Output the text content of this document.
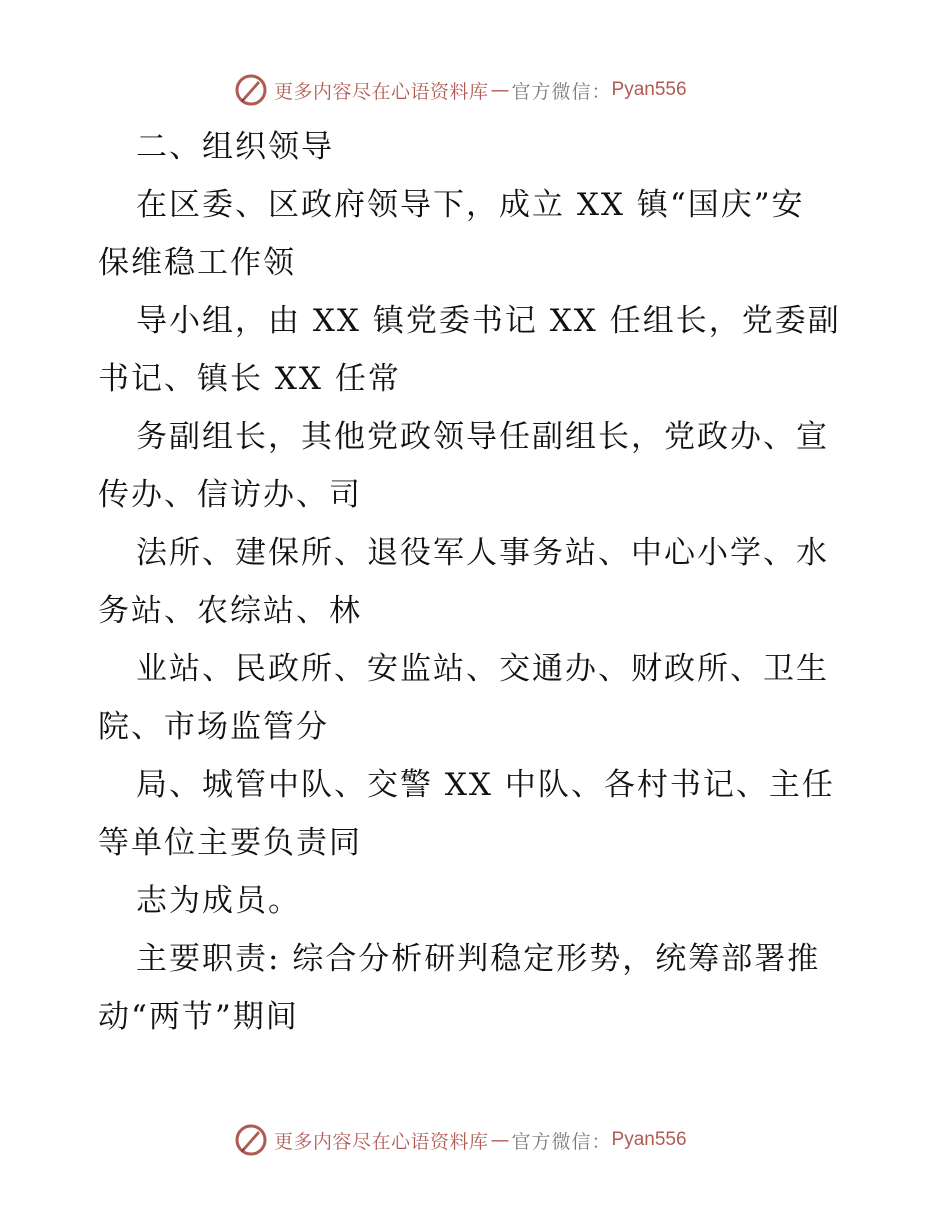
更多内容尽在心语资料库 — 官方微信： Pyan556
二、组织领导
在区委、区政府领导下，成立 XX 镇“国庆”安
保维稳工作领
导小组，由 XX 镇党委书记 XX 任组长，党委副
书记、镇长 XX 任常
务副组长，其他党政领导任副组长，党政办、宣
传办、信访办、司
法所、建保所、退役军人事务站、中心小学、水
务站、农综站、林
业站、民政所、安监站、交通办、财政所、卫生
院、市场监管分
局、城管中队、交警 XX 中队、各村书记、主任
等单位主要负责同
志为成员。
主要职责: 综合分析研判稳定形势，统筹部署推
动“两节”期间
更多内容尽在心语资料库 — 官方微信： Pyan556
